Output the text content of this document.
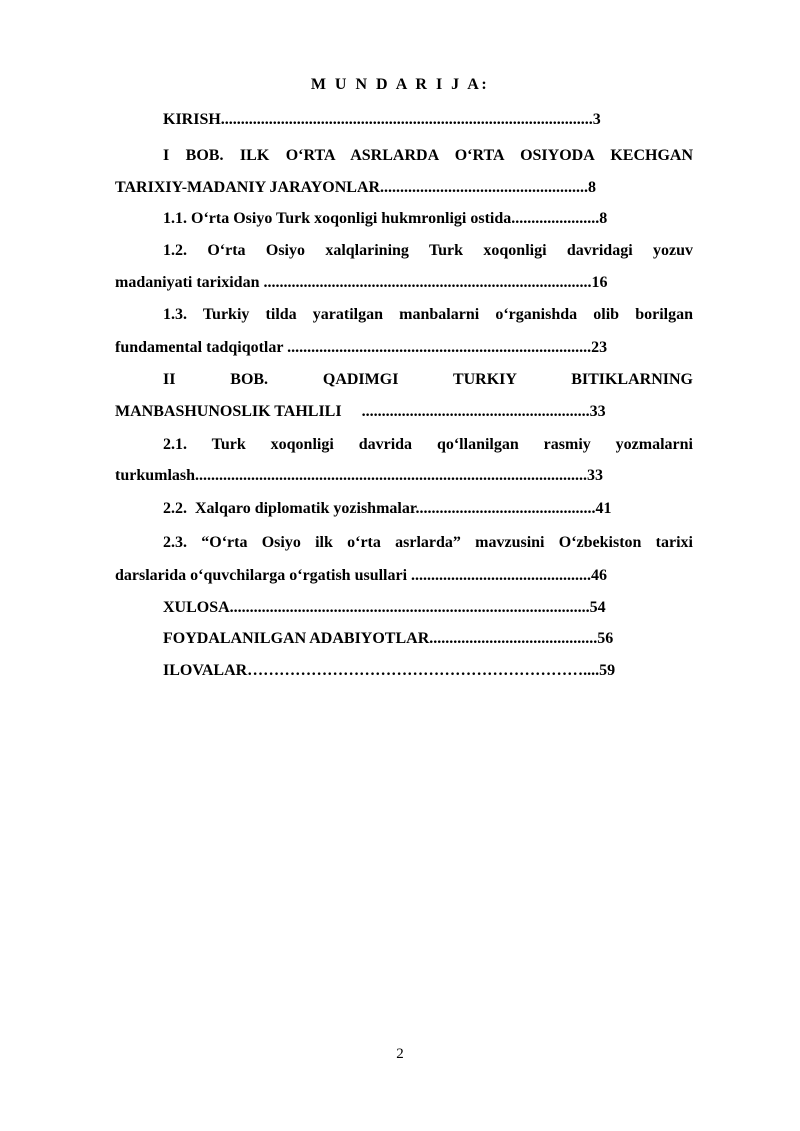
M U N D A R I J A:
KIRISH.............................................................................................3
I BOB. ILK O‘RTA ASRLARDA O‘RTA OSIYODA KECHGAN
TARIXIY-MADANIY JARAYONLAR....................................................8
1.1. O‘rta Osiyo Turk xoqonligi hukmronligi ostida......................8
1.2. O‘rta Osiyo xalqlarining Turk xoqonligi davridagi yozuv
madaniyati tarixidan ..................................................................................16
1.3. Turkiy tilda yaratilgan manbalarni o‘rganishda olib borilgan
fundamental tadqiqotlar ............................................................................23
II BOB. QADIMGI TURKIY BITIKLARNING
MANBASHUNOSLIK TAHLILI     .........................................................33
2.1. Turk xoqonligi davrida qo‘llanilgan rasmiy yozmalarni
turkumlash..................................................................................................33
2.2.  Xalqaro diplomatik yozishmalar.............................................41
2.3. “O‘rta Osiyo ilk o‘rta asrlarda” mavzusini O‘zbekiston tarixi
darslarida o‘quvchilarga o‘rgatish usullari .............................................46
XULOSA..........................................................................................54
FOYDALANILGAN ADABIYOTLAR..........................................56
ILOVALAR………………………………………………………....59
2
